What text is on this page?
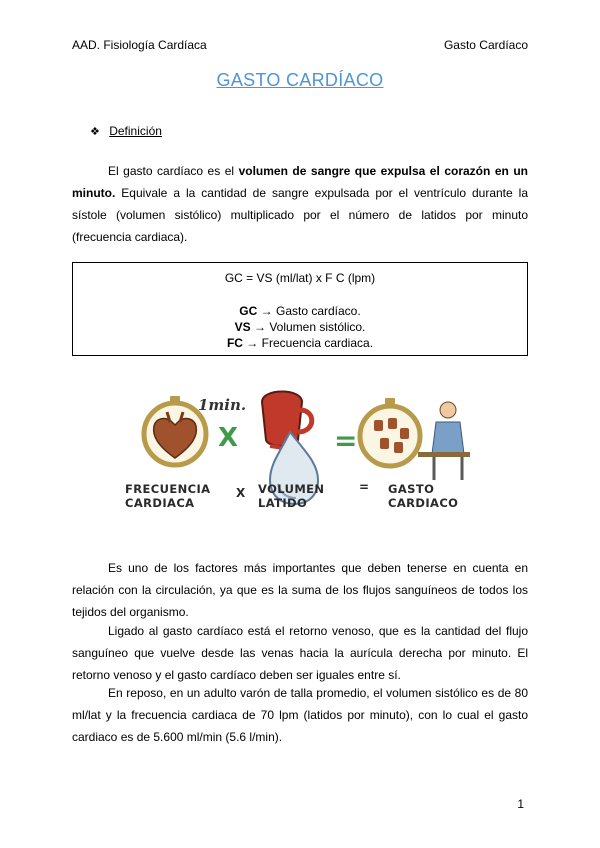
AAD. Fisiología Cardíaca	Gasto Cardíaco
GASTO CARDÍACO
❖ Definición

El gasto cardíaco es el volumen de sangre que expulsa el corazón en un minuto. Equivale a la cantidad de sangre expulsada por el ventrículo durante la sístole (volumen sistólico) multiplicado por el número de latidos por minuto (frecuencia cardiaca).

GC = VS (ml/lat) x F C (lpm)
GC → Gasto cardíaco.
VS → Volumen sistólico.
FC → Frecuencia cardiaca.
1min.
X	=
FRECUENCIA
CARDIACA
X VOLUMEN
LATIDO
= GASTO
CARDIACO

Es uno de los factores más importantes que deben tenerse en cuenta en relación con la circulación, ya que es la suma de los flujos sanguíneos de todos los tejidos del organismo.

Ligado al gasto cardíaco está el retorno venoso, que es la cantidad del flujo sanguíneo que vuelve desde las venas hacia la aurícula derecha por minuto. El retorno venoso y el gasto cardíaco deben ser iguales entre sí.

En reposo, en un adulto varón de talla promedio, el volumen sistólico es de 80 ml/lat y la frecuencia cardiaca de 70 lpm (latidos por minuto), con lo cual el gasto cardiaco es de 5.600 ml/min (5.6 l/min).

1
